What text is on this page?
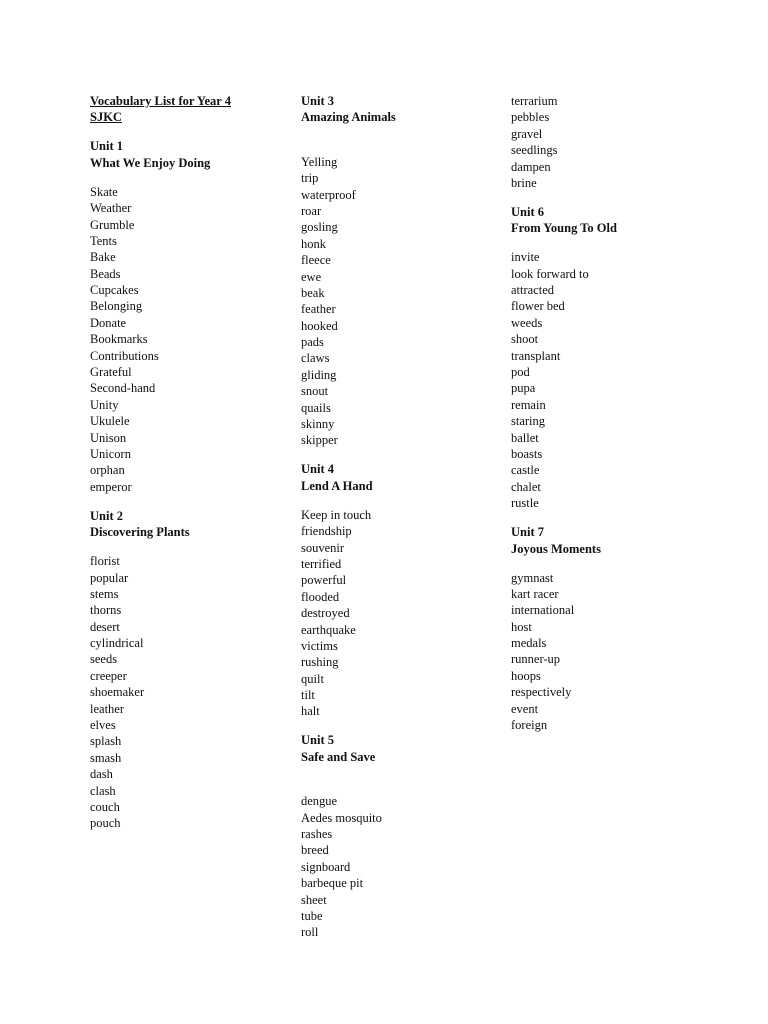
Vocabulary List for Year 4
SJKC
Unit 1
What We Enjoy Doing
Skate
Weather
Grumble
Tents
Bake
Beads
Cupcakes
Belonging
Donate
Bookmarks
Contributions
Grateful
Second-hand
Unity
Ukulele
Unison
Unicorn
orphan
emperor
Unit 2
Discovering Plants
florist
popular
stems
thorns
desert
cylindrical
seeds
creeper
shoemaker
leather
elves
splash
smash
dash
clash
couch
pouch
Unit 3
Amazing Animals
Yelling
trip
waterproof
roar
gosling
honk
fleece
ewe
beak
feather
hooked
pads
claws
gliding
snout
quails
skinny
skipper
Unit 4
Lend A Hand
Keep in touch
friendship
souvenir
terrified
powerful
flooded
destroyed
earthquake
victims
rushing
quilt
tilt
halt
Unit 5
Safe and Save
dengue
Aedes mosquito
rashes
breed
signboard
barbeque pit
sheet
tube
roll
terrarium
pebbles
gravel
seedlings
dampen
brine
Unit 6
From Young To Old
invite
look forward to
attracted
flower bed
weeds
shoot
transplant
pod
pupa
remain
staring
ballet
boasts
castle
chalet
rustle
Unit 7
Joyous Moments
gymnast
kart racer
international
host
medals
runner-up
hoops
respectively
event
foreign
